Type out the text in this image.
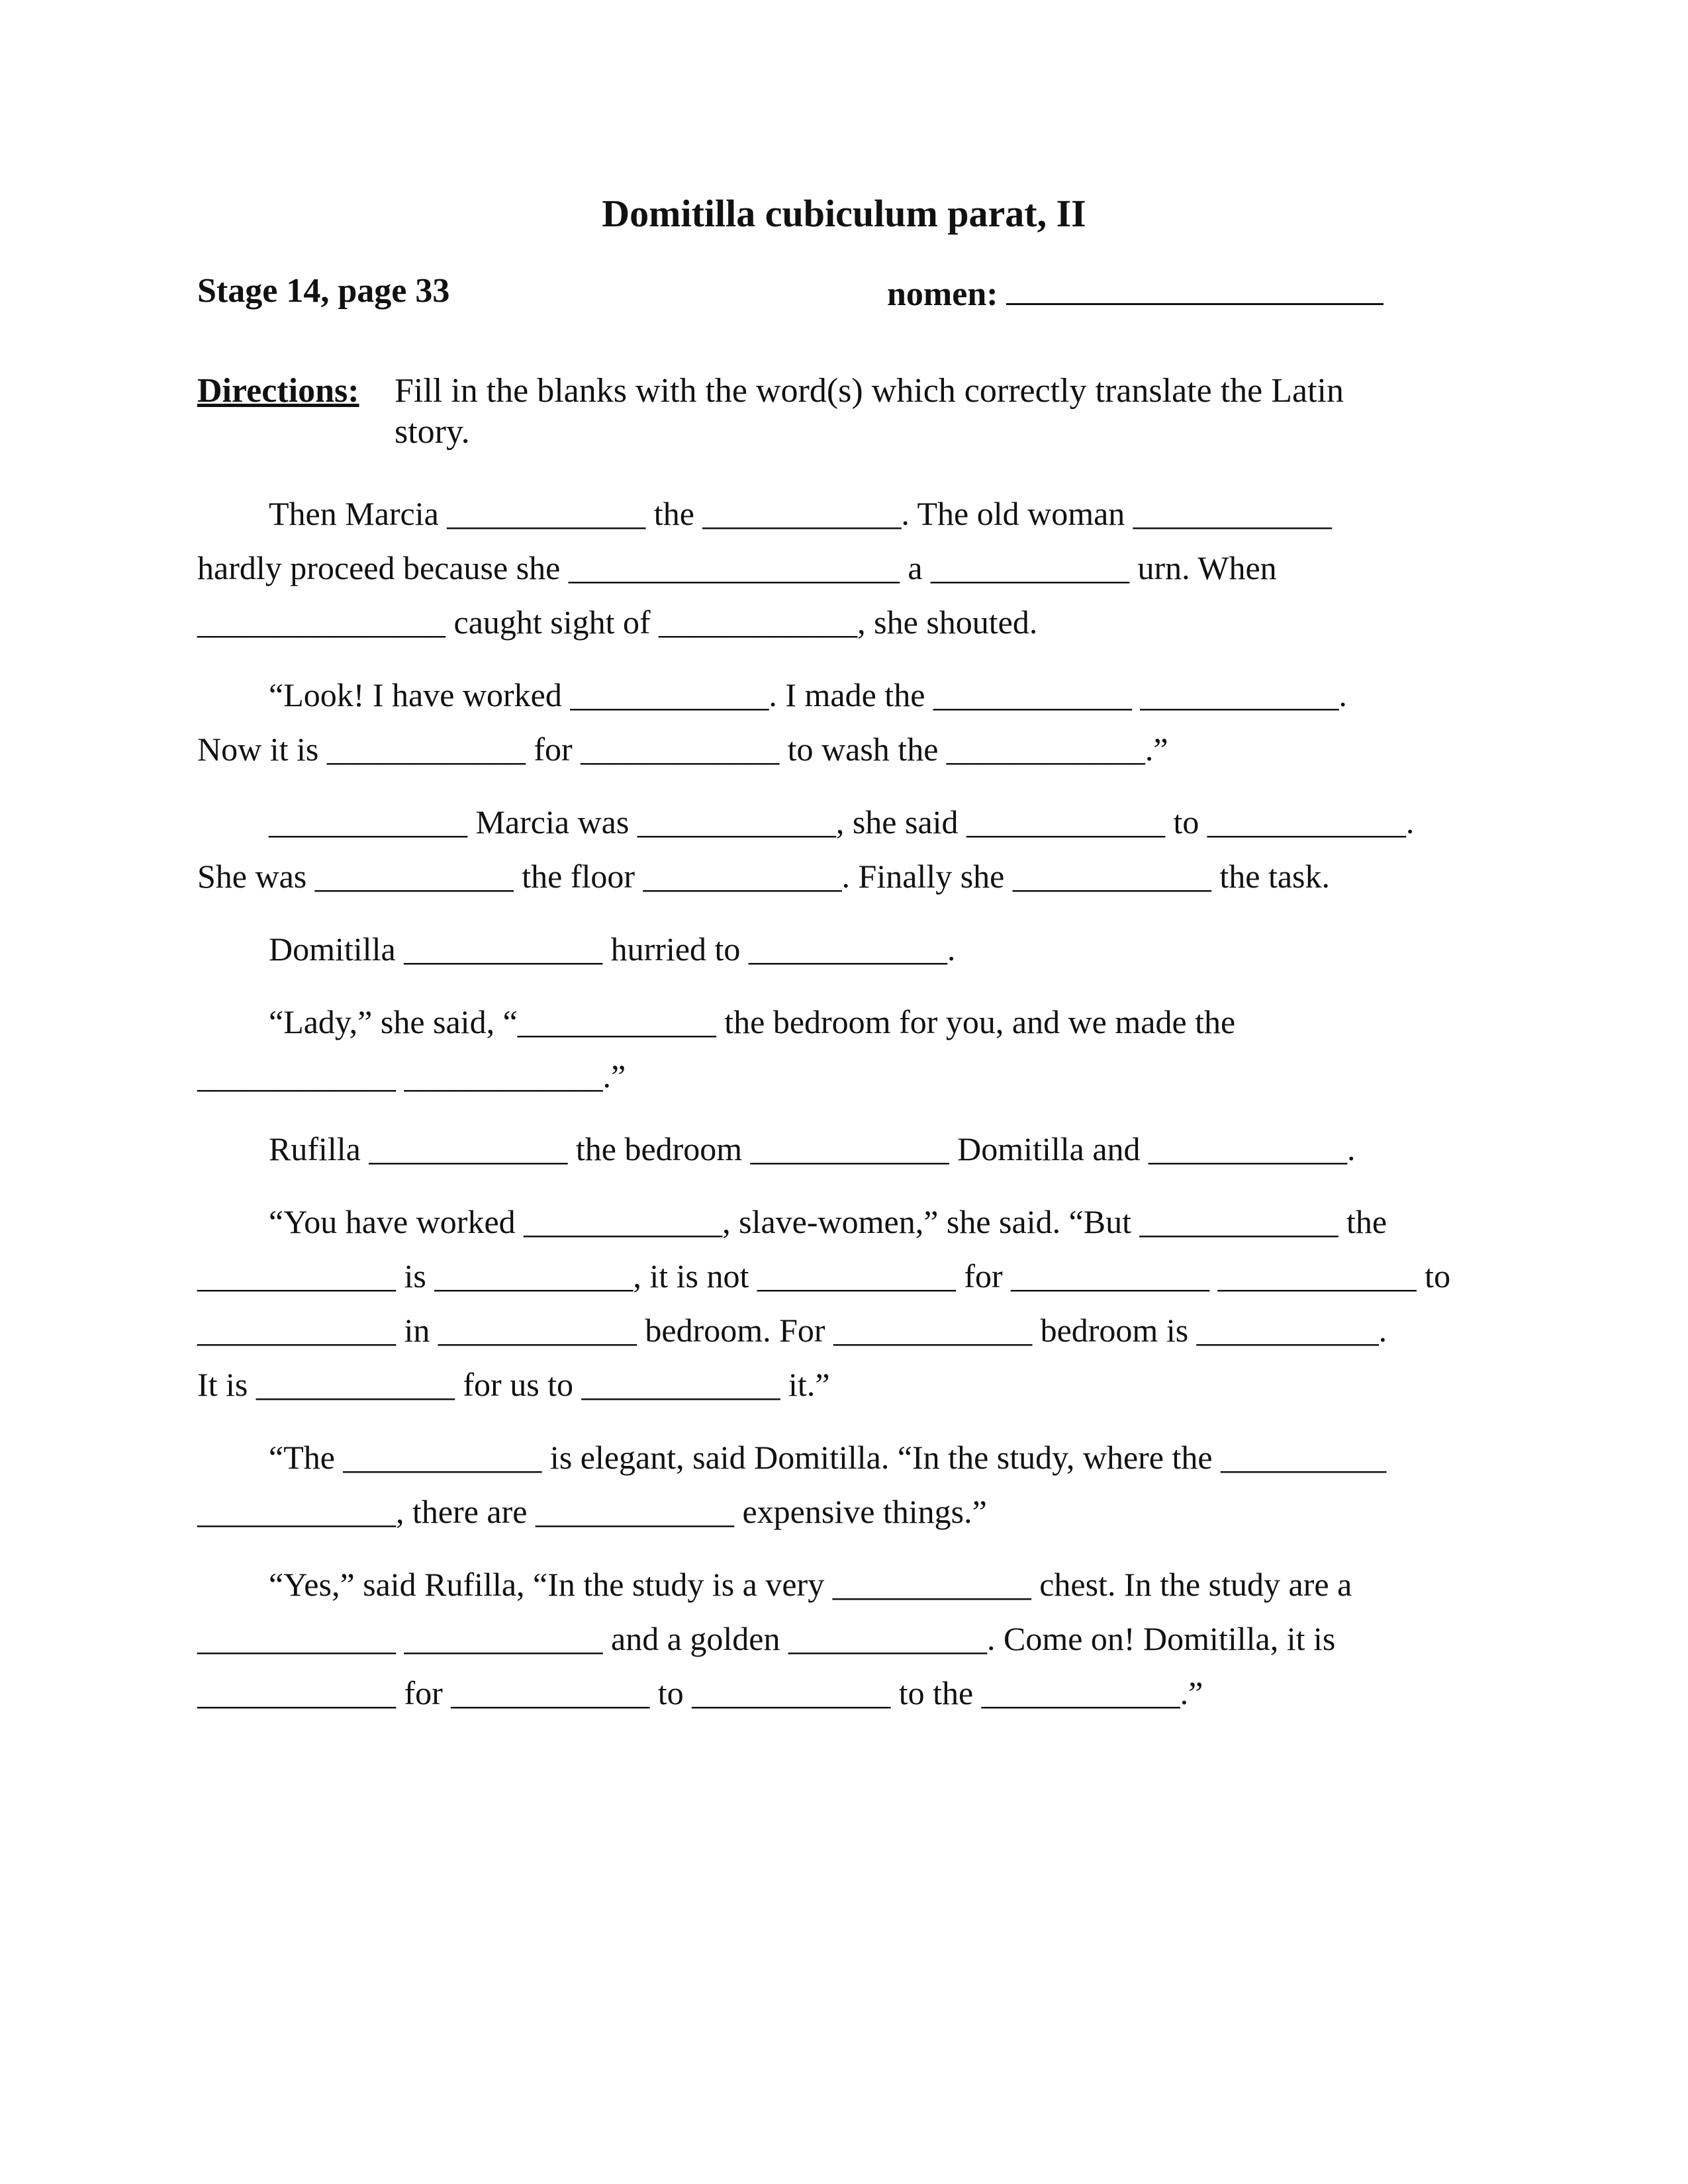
Domitilla cubiculum parat, II
Stage 14, page 33	nomen:
Directions: Fill in the blanks with the word(s) which correctly translate the Latin story.
Then Marcia ____________ the ____________. The old woman ____________
hardly proceed because she ____________________ a ____________ urn. When
_______________ caught sight of ____________, she shouted.
“Look! I have worked ____________. I made the ____________ ____________.
Now it is ____________ for ____________ to wash the ____________.”
____________ Marcia was ____________, she said ____________ to ____________.
She was ____________ the floor ____________. Finally she ____________ the task.
Domitilla ____________ hurried to ____________.
“Lady,” she said, “____________ the bedroom for you, and we made the
____________ ____________.”
Rufilla ____________ the bedroom ____________ Domitilla and ____________.
“You have worked ____________, slave-women,” she said. “But ____________ the
____________ is ____________, it is not ____________ for ____________ ____________ to
____________ in ____________ bedroom. For ____________ bedroom is ___________.
It is ____________ for us to ____________ it.”
“The ____________ is elegant, said Domitilla. “In the study, where the __________
____________, there are ____________ expensive things.”
“Yes,” said Rufilla, “In the study is a very ____________ chest. In the study are a
____________ ____________ and a golden ____________. Come on! Domitilla, it is
____________ for ____________ to ____________ to the ____________.”
